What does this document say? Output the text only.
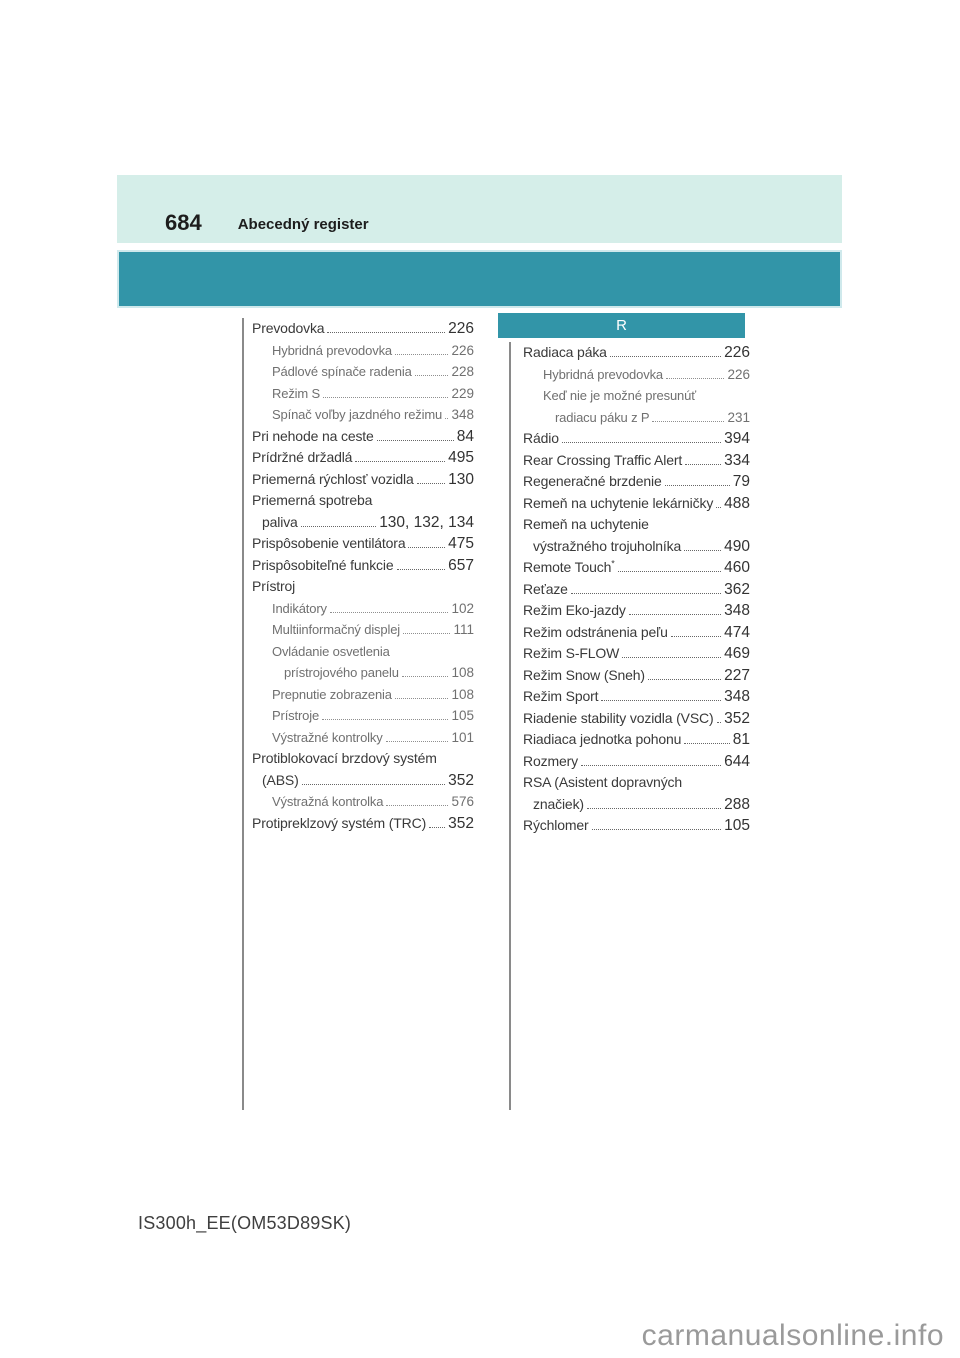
684 Abecedný register
R
Prevodovka	226
Hybridná prevodovka	226
Pádlové spínače radenia	228
Režim S	229
Spínač voľby jazdného režimu 348
Pri nehode na ceste	84
Prídržné držadlá	495
Priemerná rýchlosť vozidla 130
Priemerná spotreba
paliva	130, 132, 134
Prispôsobenie ventilátora	475
Prispôsobiteľné funkcie	657
Prístroj
Indikátory	102
Multiinformačný displej	111
Ovládanie osvetlenia
prístrojového panelu	108
Prepnutie zobrazenia	108
Prístroje	105
Výstražné kontrolky	101
Protiblokovací brzdový systém
(ABS)	352
Výstražná kontrolka	576
Protipreklzový systém (TRC) 352
Radiaca páka	226
Hybridná prevodovka	226
Keď nie je možné presunúť
radiacu páku z P	231
Rádio	394
Rear Crossing Traffic Alert	334
Regeneračné brzdenie	79
Remeň na uchytenie lekárničky 488
Remeň na uchytenie
výstražného trojuholníka	490
Remote Touch*	460
Reťaze	362
Režim Eko-jazdy	348
Režim odstránenia peľu	474
Režim S-FLOW	469
Režim Snow (Sneh)	227
Režim Sport	348
Riadenie stability vozidla (VSC) 352
Riadiaca jednotka pohonu	81
Rozmery	644
RSA (Asistent dopravných
značiek)	288
Rýchlomer	105
IS300h_EE(OM53D89SK)
carmanualsonline.info
